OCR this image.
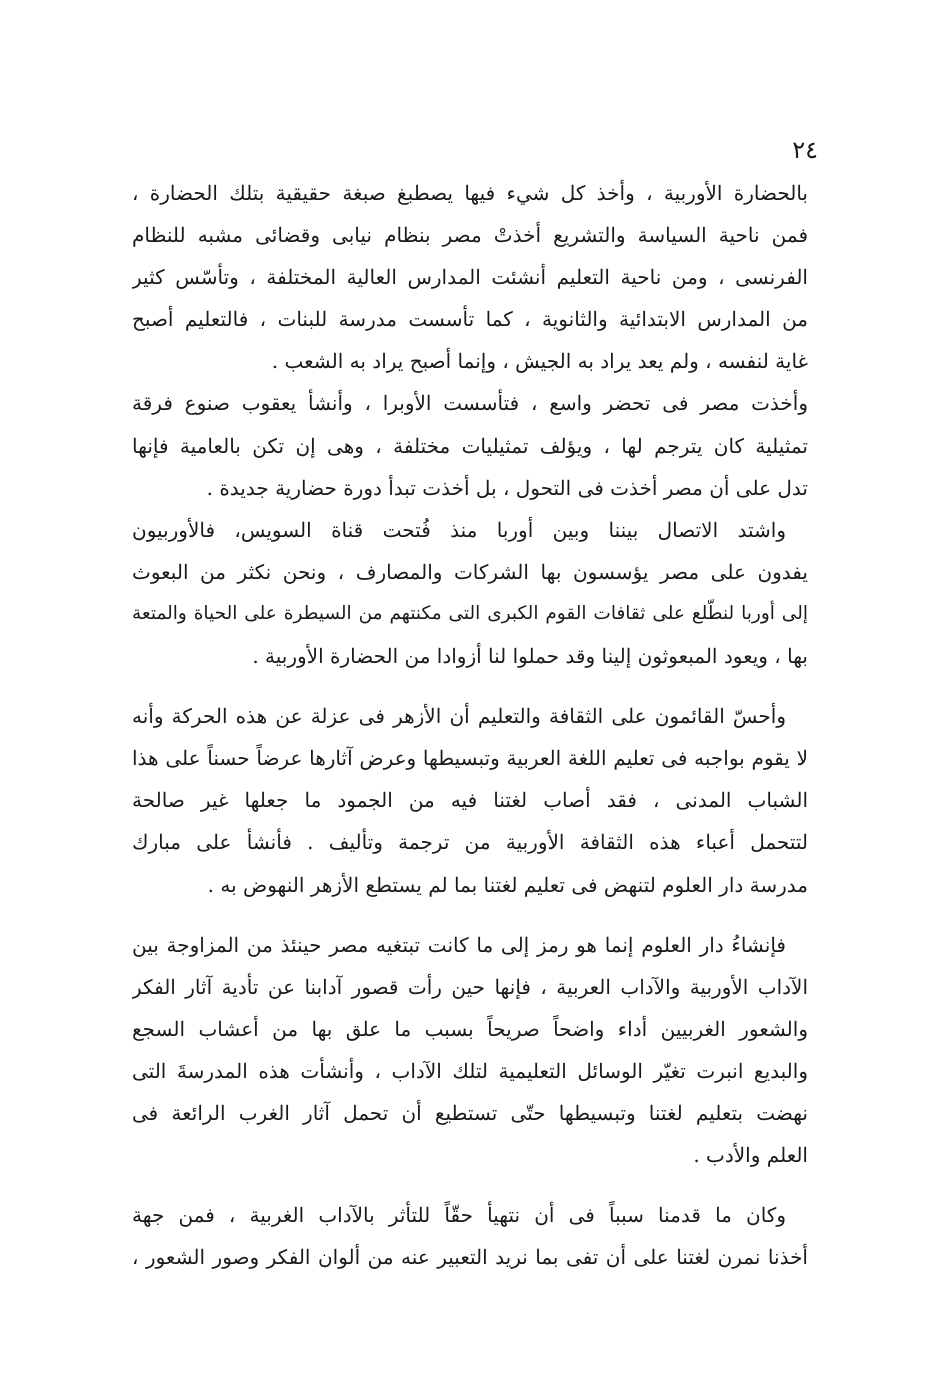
٢٤
بالحضارة الأوربية ، وأخذ كل شيء فيها يصطبغ صبغة حقيقية بتلك الحضارة ،
فمن ناحية السياسة والتشريع أخذتْ مصر بنظام نيابى وقضائى مشبه للنظام
الفرنسى ، ومن ناحية التعليم أنشئت المدارس العالية المختلفة ، وتأسّس كثير
من المدارس الابتدائية والثانوية ، كما تأسست مدرسة للبنات ، فالتعليم أصبح
غاية لنفسه ، ولم يعد يراد به الجيش ، وإنما أصبح يراد به الشعب .
وأخذت مصر فى تحضر واسع ، فتأسست الأوبرا ، وأنشأ يعقوب صنوع فرقة
تمثيلية كان يترجم لها ، ويؤلف تمثيليات مختلفة ، وهى إن تكن بالعامية فإنها
تدل على أن مصر أخذت فى التحول ، بل أخذت تبدأ دورة حضارية جديدة .
واشتد الاتصال بيننا وبين أوربا منذ فُتحت قناة السويس، فالأوربيون
يفدون على مصر يؤسسون بها الشركات والمصارف ، ونحن نكثر من البعوث
إلى أوربا لنطّلع على ثقافات القوم الكبرى التى مكنتهم من السيطرة على الحياة والمتعة
بها ، ويعود المبعوثون إلينا وقد حملوا لنا أزوادا من الحضارة الأوربية .
وأحسّ القائمون على الثقافة والتعليم أن الأزهر فى عزلة عن هذه الحركة وأنه
لا يقوم بواجبه فى تعليم اللغة العربية وتبسيطها وعرض آثارها عرضاً حسناً على هذا
الشباب المدنى ، فقد أصاب لغتنا فيه من الجمود ما جعلها غير صالحة
لتتحمل أعباء هذه الثقافة الأوربية من ترجمة وتأليف . فأنشأ على مبارك
مدرسة دار العلوم لتنهض فى تعليم لغتنا بما لم يستطع الأزهر النهوض به .
فإنشاءُ دار العلوم إنما هو رمز إلى ما كانت تبتغيه مصر حينئذ من المزاوجة بين
الآداب الأوربية والآداب العربية ، فإنها حين رأت قصور آدابنا عن تأدية آثار الفكر
والشعور الغربيين أداء واضحاً صريحاً بسبب ما علق بها من أعشاب السجع
والبديع انبرت تغيّر الوسائل التعليمية لتلك الآداب ، وأنشأت هذه المدرسةَ التى
نهضت بتعليم لغتنا وتبسيطها حتّى تستطيع أن تحمل آثار الغرب الرائعة فى
العلم والأدب .
وكان ما قدمنا سبباً فى أن نتهيأ حقّاً للتأثر بالآداب الغربية ، فمن جهة
أخذنا نمرن لغتنا على أن تفى بما نريد التعبير عنه من ألوان الفكر وصور الشعور ،
